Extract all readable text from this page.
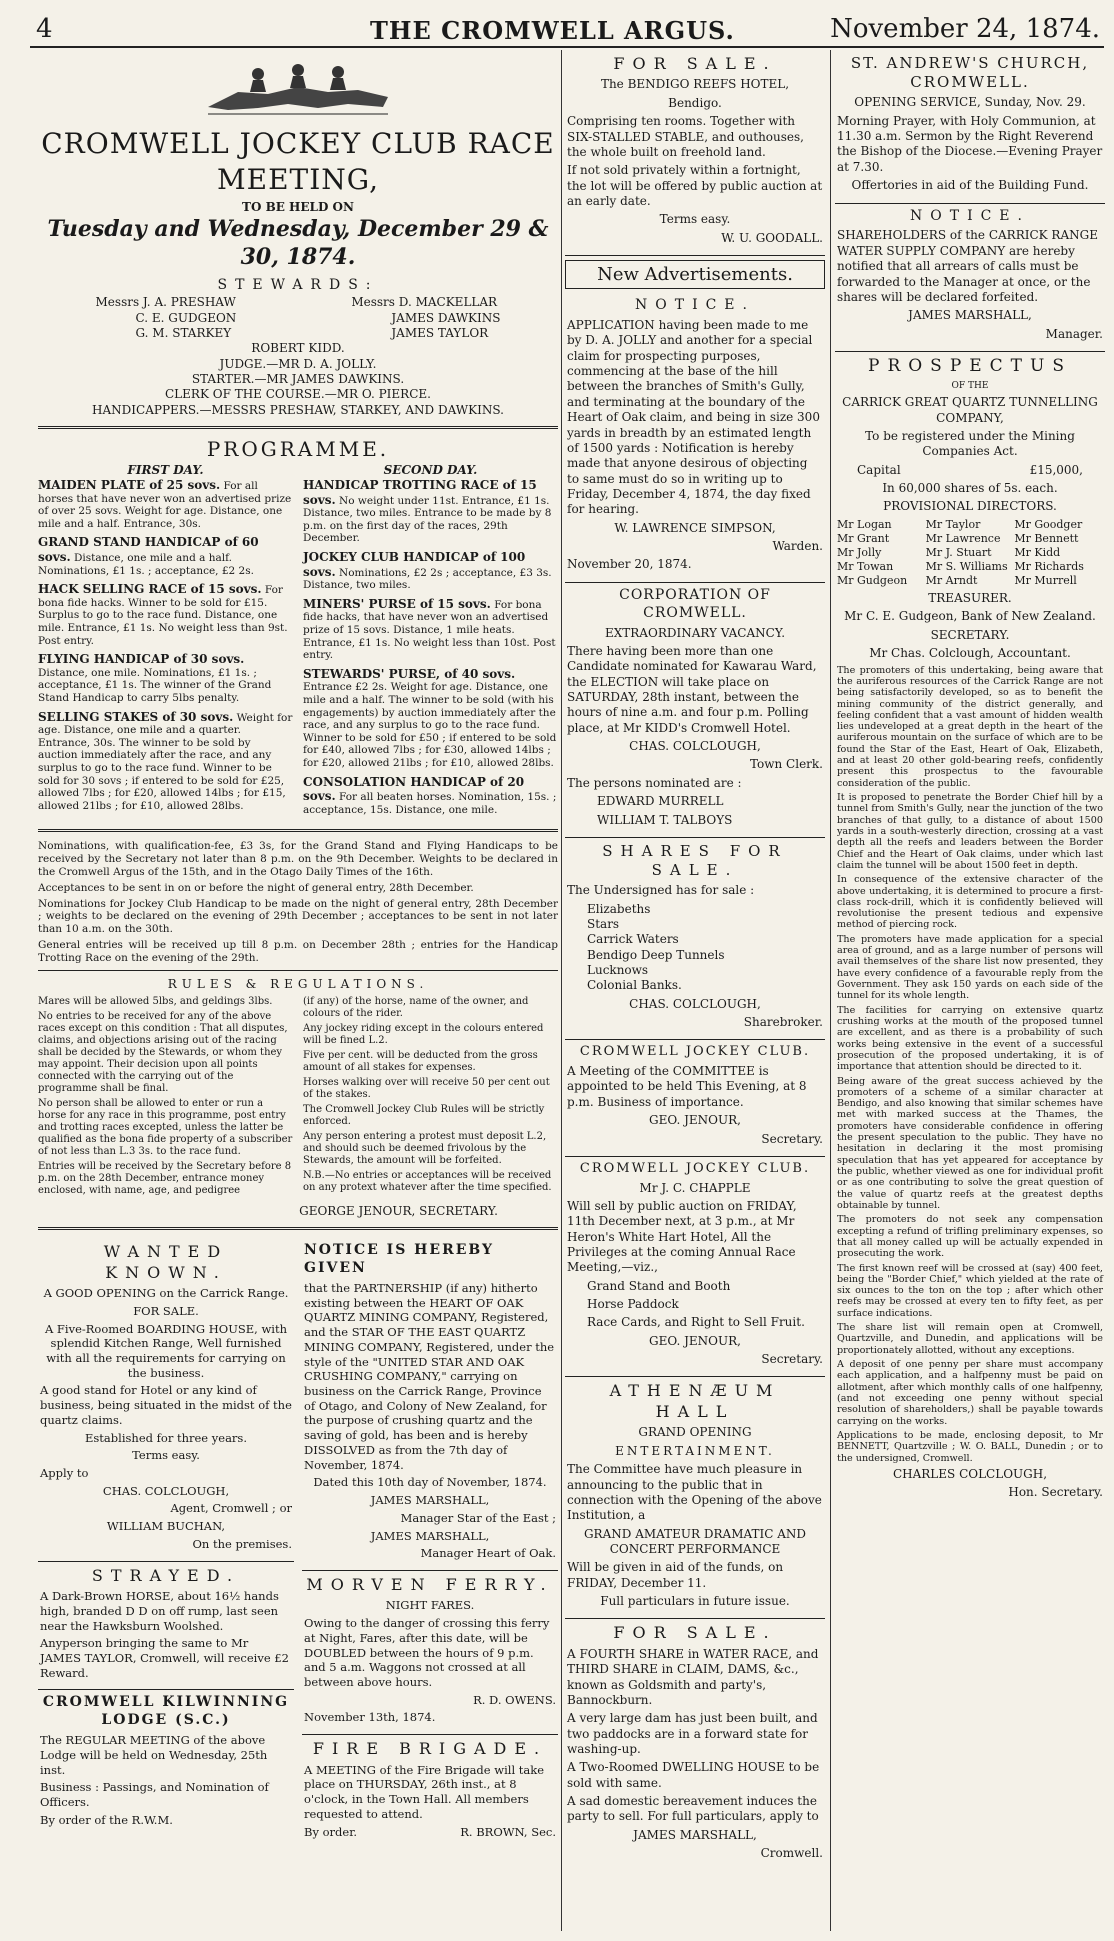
4	THE CROMWELL ARGUS.	November 24, 1874.
CROMWELL JOCKEY CLUB RACE MEETING,
TO BE HELD ON
Tuesday and Wednesday, December 29 & 30, 1874.
STEWARDS:
Messrs J. A. PRESHAW
C. E. GUDGEON
G. M. STARKEY
Messrs D. MACKELLAR
JAMES DAWKINS
JAMES TAYLOR
ROBERT KIDD.
JUDGE.—MR D. A. JOLLY.
STARTER.—MR JAMES DAWKINS.
CLERK OF THE COURSE.—MR O. PIERCE.
HANDICAPPERS.—MESSRS PRESHAW, STARKEY, AND DAWKINS.
PROGRAMME.
FIRST DAY.
MAIDEN PLATE of 25 sovs. For all horses that have never won an advertised prize of over 25 sovs. Weight for age. Distance, one mile and a half. Entrance, 30s.
GRAND STAND HANDICAP of 60 sovs. Distance, one mile and a half. Nominations, £1 1s. ; acceptance, £2 2s.
HACK SELLING RACE of 15 sovs. For bona fide hacks. Winner to be sold for £15. Surplus to go to the race fund. Distance, one mile. Entrance, £1 1s. No weight less than 9st. Post entry.
FLYING HANDICAP of 30 sovs. Distance, one mile. Nominations, £1 1s. ; acceptance, £1 1s. The winner of the Grand Stand Handicap to carry 5lbs penalty.
SELLING STAKES of 30 sovs. Weight for age. Distance, one mile and a quarter. Entrance, 30s. The winner to be sold by auction immediately after the race, and any surplus to go to the race fund. Winner to be sold for 30 sovs ; if entered to be sold for £25, allowed 7lbs ; for £20, allowed 14lbs ; for £15, allowed 21lbs ; for £10, allowed 28lbs.
SECOND DAY.
HANDICAP TROTTING RACE of 15 sovs. No weight under 11st. Entrance, £1 1s. Distance, two miles. Entrance to be made by 8 p.m. on the first day of the races, 29th December.
JOCKEY CLUB HANDICAP of 100 sovs. Nominations, £2 2s ; acceptance, £3 3s. Distance, two miles.
MINERS' PURSE of 15 sovs. For bona fide hacks, that have never won an advertised prize of 15 sovs. Distance, 1 mile heats. Entrance, £1 1s. No weight less than 10st. Post entry.
STEWARDS' PURSE, of 40 sovs. Entrance £2 2s. Weight for age. Distance, one mile and a half. The winner to be sold (with his engagements) by auction immediately after the race, and any surplus to go to the race fund. Winner to be sold for £50 ; if entered to be sold for £40, allowed 7lbs ; for £30, allowed 14lbs ; for £20, allowed 21lbs ; for £10, allowed 28lbs.
CONSOLATION HANDICAP of 20 sovs. For all beaten horses. Nomination, 15s. ; acceptance, 15s. Distance, one mile.

Nominations, with qualification-fee, £3 3s, for the Grand Stand and Flying Handicaps to be received by the Secretary not later than 8 p.m. on the 9th December. Weights to be declared in the Cromwell Argus of the 15th, and in the Otago Daily Times of the 16th.

Acceptances to be sent in on or before the night of general entry, 28th December.

Nominations for Jockey Club Handicap to be made on the night of general entry, 28th December ; weights to be declared on the evening of 29th December ; acceptances to be sent in not later than 10 a.m. on the 30th.

General entries will be received up till 8 p.m. on December 28th ; entries for the Handicap Trotting Race on the evening of the 29th.

RULES & REGULATIONS.

Mares will be allowed 5lbs, and geldings 3lbs.

No entries to be received for any of the above races except on this condition : That all disputes, claims, and objections arising out of the racing shall be decided by the Stewards, or whom they may appoint. Their decision upon all points connected with the carrying out of the programme shall be final.

No person shall be allowed to enter or run a horse for any race in this programme, post entry and trotting races excepted, unless the latter be qualified as the bona fide property of a subscriber of not less than L.3 3s. to the race fund.

Entries will be received by the Secretary before 8 p.m. on the 28th December, entrance money enclosed, with name, age, and pedigree

(if any) of the horse, name of the owner, and colours of the rider.

Any jockey riding except in the colours entered will be fined L.2.

Five per cent. will be deducted from the gross amount of all stakes for expenses.

Horses walking over will receive 50 per cent out of the stakes.

The Cromwell Jockey Club Rules will be strictly enforced.

Any person entering a protest must deposit L.2, and should such be deemed frivolous by the Stewards, the amount will be forfeited.

N.B.—No entries or acceptances will be received on any protext whatever after the time specified.

GEORGE JENOUR, SECRETARY.
WANTED KNOWN.

A GOOD OPENING on the Carrick Range.

FOR SALE.

A Five-Roomed BOARDING HOUSE, with splendid Kitchen Range, Well furnished with all the requirements for carrying on the business.

A good stand for Hotel or any kind of business, being situated in the midst of the quartz claims.

Established for three years.

Terms easy.

Apply to

CHAS. COLCLOUGH,

Agent, Cromwell ; or

WILLIAM BUCHAN,

On the premises.

STRAYED.

A Dark-Brown HORSE, about 16½ hands high, branded D D on off rump, last seen near the Hawksburn Woolshed.

Anyperson bringing the same to Mr JAMES TAYLOR, Cromwell, will receive £2 Reward.

CROMWELL KILWINNING LODGE (S.C.)

The REGULAR MEETING of the above Lodge will be held on Wednesday, 25th inst.

Business : Passings, and Nomination of Officers.

By order of the R.W.M.

NOTICE IS HEREBY GIVEN

that the PARTNERSHIP (if any) hitherto existing between the HEART OF OAK QUARTZ MINING COMPANY, Registered, and the STAR OF THE EAST QUARTZ MINING COMPANY, Registered, under the style of the "UNITED STAR AND OAK CRUSHING COMPANY," carrying on business on the Carrick Range, Province of Otago, and Colony of New Zealand, for the purpose of crushing quartz and the saving of gold, has been and is hereby DISSOLVED as from the 7th day of November, 1874.

Dated this 10th day of November, 1874.

JAMES MARSHALL,

Manager Star of the East ;

JAMES MARSHALL,

Manager Heart of Oak.

MORVEN FERRY.

NIGHT FARES.

Owing to the danger of crossing this ferry at Night, Fares, after this date, will be DOUBLED between the hours of 9 p.m. and 5 a.m. Waggons not crossed at all between above hours.

R. D. OWENS.

November 13th, 1874.

FIRE BRIGADE.

A MEETING of the Fire Brigade will take place on THURSDAY, 26th inst., at 8 o'clock, in the Town Hall. All members requested to attend.

By order.	R. BROWN, Sec.

FOR SALE.

The BENDIGO REEFS HOTEL,

Bendigo.

Comprising ten rooms. Together with SIX-STALLED STABLE, and outhouses, the whole built on freehold land.

If not sold privately within a fortnight, the lot will be offered by public auction at an early date.

Terms easy.

W. U. GOODALL.

New Advertisements.
NOTICE.

APPLICATION having been made to me by D. A. JOLLY and another for a special claim for prospecting purposes, commencing at the base of the hill between the branches of Smith's Gully, and terminating at the boundary of the Heart of Oak claim, and being in size 300 yards in breadth by an estimated length of 1500 yards : Notification is hereby made that anyone desirous of objecting to same must do so in writing up to Friday, December 4, 1874, the day fixed for hearing.

W. LAWRENCE SIMPSON,

Warden.

November 20, 1874.

CORPORATION OF CROMWELL.

EXTRAORDINARY VACANCY.

There having been more than one Candidate nominated for Kawarau Ward, the ELECTION will take place on SATURDAY, 28th instant, between the hours of nine a.m. and four p.m. Polling place, at Mr KIDD's Cromwell Hotel.

CHAS. COLCLOUGH,

Town Clerk.

The persons nominated are :

EDWARD MURRELL

WILLIAM T. TALBOYS

SHARES FOR SALE.

The Undersigned has for sale :

Elizabeths
Stars
Carrick Waters
Bendigo Deep Tunnels
Lucknows
Colonial Banks.

CHAS. COLCLOUGH,

Sharebroker.

CROMWELL JOCKEY CLUB.

A Meeting of the COMMITTEE is appointed to be held This Evening, at 8 p.m. Business of importance.

GEO. JENOUR,

Secretary.

CROMWELL JOCKEY CLUB.

Mr J. C. CHAPPLE

Will sell by public auction on FRIDAY, 11th December next, at 3 p.m., at Mr Heron's White Hart Hotel, All the Privileges at the coming Annual Race Meeting,—viz.,

Grand Stand and Booth

Horse Paddock

Race Cards, and Right to Sell Fruit.

GEO. JENOUR,

Secretary.

ATHENÆUM HALL

GRAND OPENING

ENTERTAINMENT.

The Committee have much pleasure in announcing to the public that in connection with the Opening of the above Institution, a

GRAND AMATEUR DRAMATIC AND CONCERT PERFORMANCE

Will be given in aid of the funds, on FRIDAY, December 11.

Full particulars in future issue.

FOR SALE.

A FOURTH SHARE in WATER RACE, and THIRD SHARE in CLAIM, DAMS, &c., known as Goldsmith and party's, Bannockburn.

A very large dam has just been built, and two paddocks are in a forward state for washing-up.

A Two-Roomed DWELLING HOUSE to be sold with same.

A sad domestic bereavement induces the party to sell. For full particulars, apply to

JAMES MARSHALL,

Cromwell.

ST. ANDREW'S CHURCH, CROMWELL.

OPENING SERVICE, Sunday, Nov. 29.

Morning Prayer, with Holy Communion, at 11.30 a.m. Sermon by the Right Reverend the Bishop of the Diocese.—Evening Prayer at 7.30.

Offertories in aid of the Building Fund.

NOTICE.

SHAREHOLDERS of the CARRICK RANGE WATER SUPPLY COMPANY are hereby notified that all arrears of calls must be forwarded to the Manager at once, or the shares will be declared forfeited.

JAMES MARSHALL,

Manager.

PROSPECTUS

OF THE

CARRICK GREAT QUARTZ TUNNELLING COMPANY,

To be registered under the Mining Companies Act.

Capital	£15,000,

In 60,000 shares of 5s. each.

PROVISIONAL DIRECTORS.

Mr Logan	Mr Taylor	Mr Goodger
Mr Grant	Mr Lawrence	Mr Bennett
Mr Jolly	Mr J. Stuart	Mr Kidd
Mr Towan	Mr S. Williams Mr Richards
Mr Gudgeon	Mr Arndt	Mr Murrell

TREASURER.

Mr C. E. Gudgeon, Bank of New Zealand.

SECRETARY.

Mr Chas. Colclough, Accountant.

The promoters of this undertaking, being aware that the auriferous resources of the Carrick Range are not being satisfactorily developed, so as to benefit the mining community of the district generally, and feeling confident that a vast amount of hidden wealth lies undeveloped at a great depth in the heart of the auriferous mountain on the surface of which are to be found the Star of the East, Heart of Oak, Elizabeth, and at least 20 other gold-bearing reefs, confidently present this prospectus to the favourable consideration of the public.

It is proposed to penetrate the Border Chief hill by a tunnel from Smith's Gully, near the junction of the two branches of that gully, to a distance of about 1500 yards in a south-westerly direction, crossing at a vast depth all the reefs and leaders between the Border Chief and the Heart of Oak claims, under which last claim the tunnel will be about 1500 feet in depth.

In consequence of the extensive character of the above undertaking, it is determined to procure a first-class rock-drill, which it is confidently believed will revolutionise the present tedious and expensive method of piercing rock.

The promoters have made application for a special area of ground, and as a large number of persons will avail themselves of the share list now presented, they have every confidence of a favourable reply from the Government. They ask 150 yards on each side of the tunnel for its whole length.

The facilities for carrying on extensive quartz crushing works at the mouth of the proposed tunnel are excellent, and as there is a probability of such works being extensive in the event of a successful prosecution of the proposed undertaking, it is of importance that attention should be directed to it.

Being aware of the great success achieved by the promoters of a scheme of a similar character at Bendigo, and also knowing that similar schemes have met with marked success at the Thames, the promoters have considerable confidence in offering the present speculation to the public. They have no hesitation in declaring it the most promising speculation that has yet appeared for acceptance by the public, whether viewed as one for individual profit or as one contributing to solve the great question of the value of quartz reefs at the greatest depths obtainable by tunnel.

The promoters do not seek any compensation excepting a refund of trifling preliminary expenses, so that all money called up will be actually expended in prosecuting the work.

The first known reef will be crossed at (say) 400 feet, being the "Border Chief," which yielded at the rate of six ounces to the ton on the top ; after which other reefs may be crossed at every ten to fifty feet, as per surface indications.

The share list will remain open at Cromwell, Quartzville, and Dunedin, and applications will be proportionately allotted, without any exceptions.

A deposit of one penny per share must accompany each application, and a halfpenny must be paid on allotment, after which monthly calls of one halfpenny, (and not exceeding one penny without special resolution of shareholders,) shall be payable towards carrying on the works.

Applications to be made, enclosing deposit, to Mr BENNETT, Quartzville ; W. O. BALL, Dunedin ; or to the undersigned, Cromwell.

CHARLES COLCLOUGH,

Hon. Secretary.
